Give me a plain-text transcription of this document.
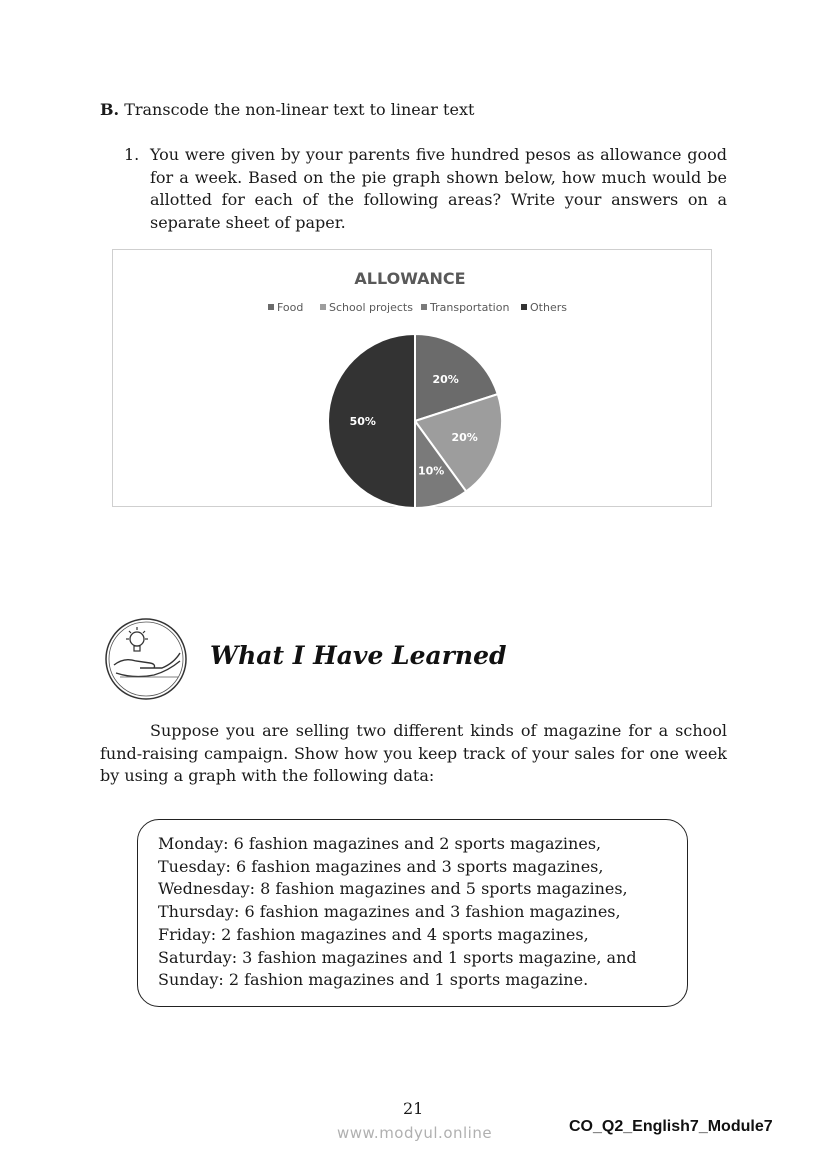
B. Transcode the non-linear text to linear text
1. You were given by your parents five hundred pesos as allowance good for a week. Based on the pie graph shown below, how much would be allotted for each of the following areas? Write your answers on a separate sheet of paper.
ALLOWANCE
Food School projects Transportation Others
20%
20%
10%
50%
What I Have Learned
Suppose you are selling two different kinds of magazine for a school fund-raising campaign. Show how you keep track of your sales for one week by using a graph with the following data:
Monday: 6 fashion magazines and 2 sports magazines,
Tuesday: 6 fashion magazines and 3 sports magazines,
Wednesday: 8 fashion magazines and 5 sports magazines,
Thursday: 6 fashion magazines and 3 fashion magazines,
Friday: 2 fashion magazines and 4 sports magazines,
Saturday: 3 fashion magazines and 1 sports magazine, and
Sunday: 2 fashion magazines and 1 sports magazine.
21
www.modyul.online	CO_Q2_English7_Module7
